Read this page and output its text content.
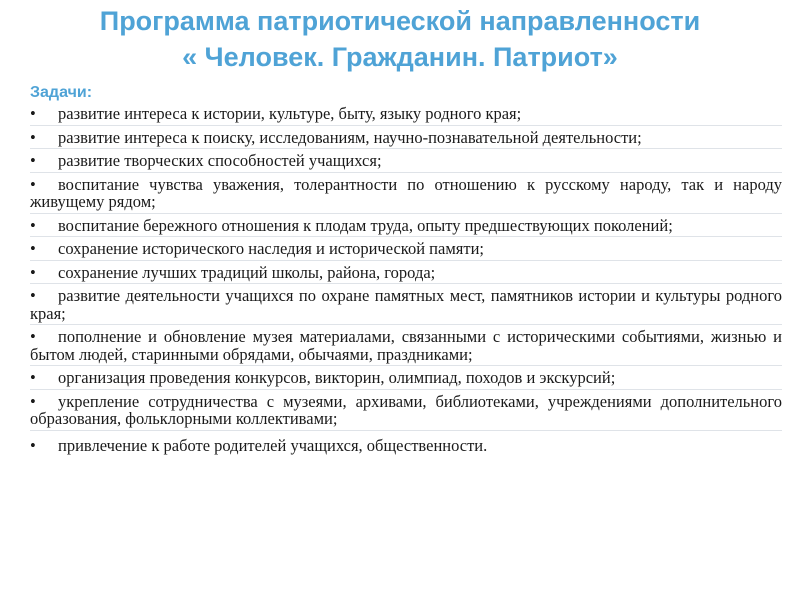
Программа патриотической направленности
« Человек. Гражданин. Патриот»
Задачи:
• развитие интереса к истории, культуре, быту, языку родного края;
• развитие интереса к поиску, исследованиям, научно-познавательной деятельности;
• развитие творческих способностей учащихся;
• воспитание чувства уважения, толерантности по отношению к русскому народу, так и народу живущему рядом;
• воспитание бережного отношения к плодам труда, опыту предшествующих поколений;
• сохранение исторического наследия и исторической памяти;
• сохранение лучших традиций школы, района, города;
• развитие деятельности учащихся по охране памятных мест, памятников истории и культуры родного края;
• пополнение и обновление музея материалами, связанными с историческими событиями, жизнью и бытом людей, старинными обрядами, обычаями, праздниками;
• организация проведения конкурсов, викторин, олимпиад, походов и экскурсий;
• укрепление сотрудничества с музеями, архивами, библиотеками, учреждениями дополнительного образования, фольклорными коллективами;
• привлечение к работе родителей учащихся, общественности.
